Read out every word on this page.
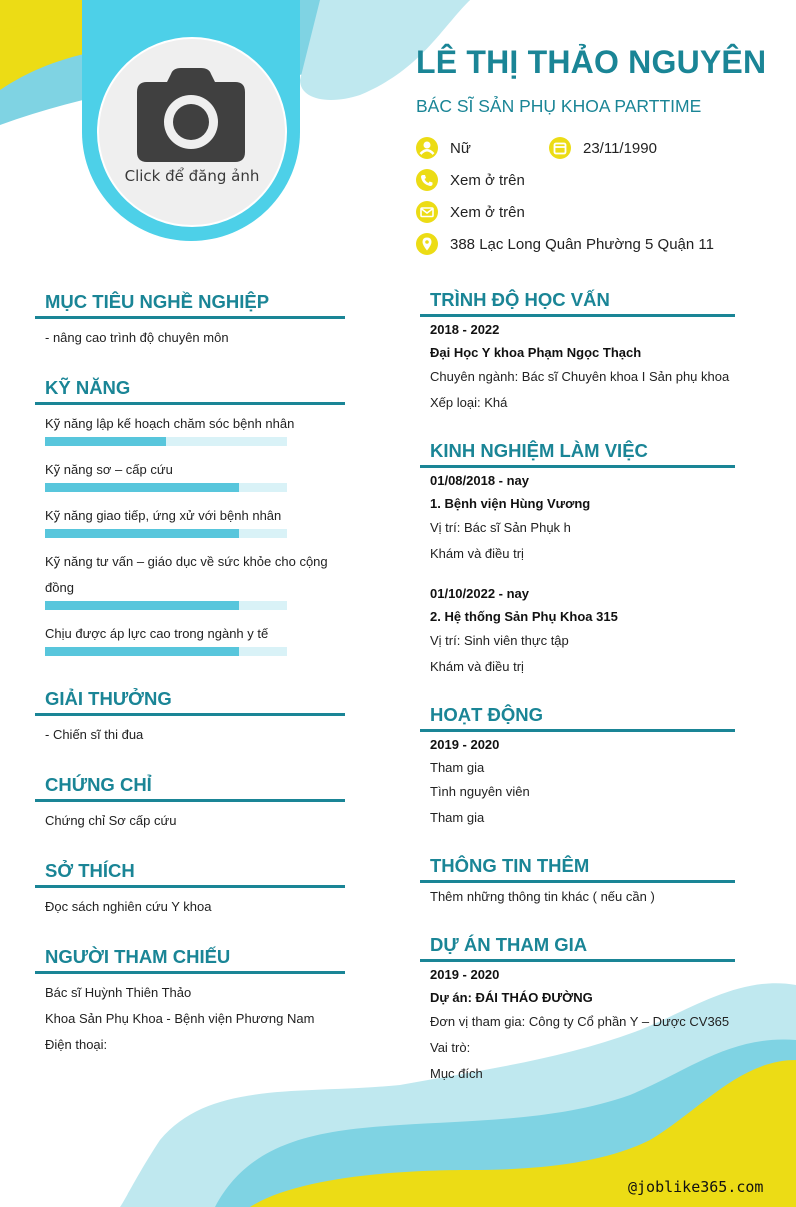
Click để đăng ảnh
LÊ THỊ THẢO NGUYÊN
BÁC SĨ SẢN PHỤ KHOA PARTTIME
Nữ	23/11/1990
Xem ở trên
Xem ở trên
388 Lạc Long Quân Phường 5 Quận 11
MỤC TIÊU NGHỀ NGHIỆP
- nâng cao trình độ chuyên môn
KỸ NĂNG
Kỹ năng lập kế hoạch chăm sóc bệnh nhân
Kỹ năng sơ – cấp cứu
Kỹ năng giao tiếp, ứng xử với bệnh nhân
Kỹ năng tư vấn – giáo dục về sức khỏe cho cộng
đồng
Chịu được áp lực cao trong ngành y tế
GIẢI THƯỞNG
- Chiến sĩ thi đua
CHỨNG CHỈ
Chứng chỉ Sơ cấp cứu
SỞ THÍCH
Đọc sách nghiên cứu Y khoa
NGƯỜI THAM CHIẾU
Bác sĩ Huỳnh Thiên Thảo
Khoa Sản Phụ Khoa - Bệnh viện Phương Nam
Điện thoại:
TRÌNH ĐỘ HỌC VẤN
2018 - 2022
Đại Học Y khoa Phạm Ngọc Thạch
Chuyên ngành: Bác sĩ Chuyên khoa I Sản phụ khoa
Xếp loại: Khá
KINH NGHIỆM LÀM VIỆC
01/08/2018 - nay
1. Bệnh viện Hùng Vương
Vị trí: Bác sĩ Sản Phụk h
Khám và điều trị
01/10/2022 - nay
2. Hệ thống Sản Phụ Khoa 315
Vị trí: Sinh viên thực tập
Khám và điều trị
HOẠT ĐỘNG
2019 - 2020
Tham gia
Tình nguyên viên
Tham gia
THÔNG TIN THÊM
Thêm những thông tin khác ( nếu cần )
DỰ ÁN THAM GIA
2019 - 2020
Dự án: ĐÁI THÁO ĐƯỜNG
Đơn vị tham gia: Công ty Cổ phần Y – Dược CV365
Vai trò:
Mục đích
@joblike365.com
